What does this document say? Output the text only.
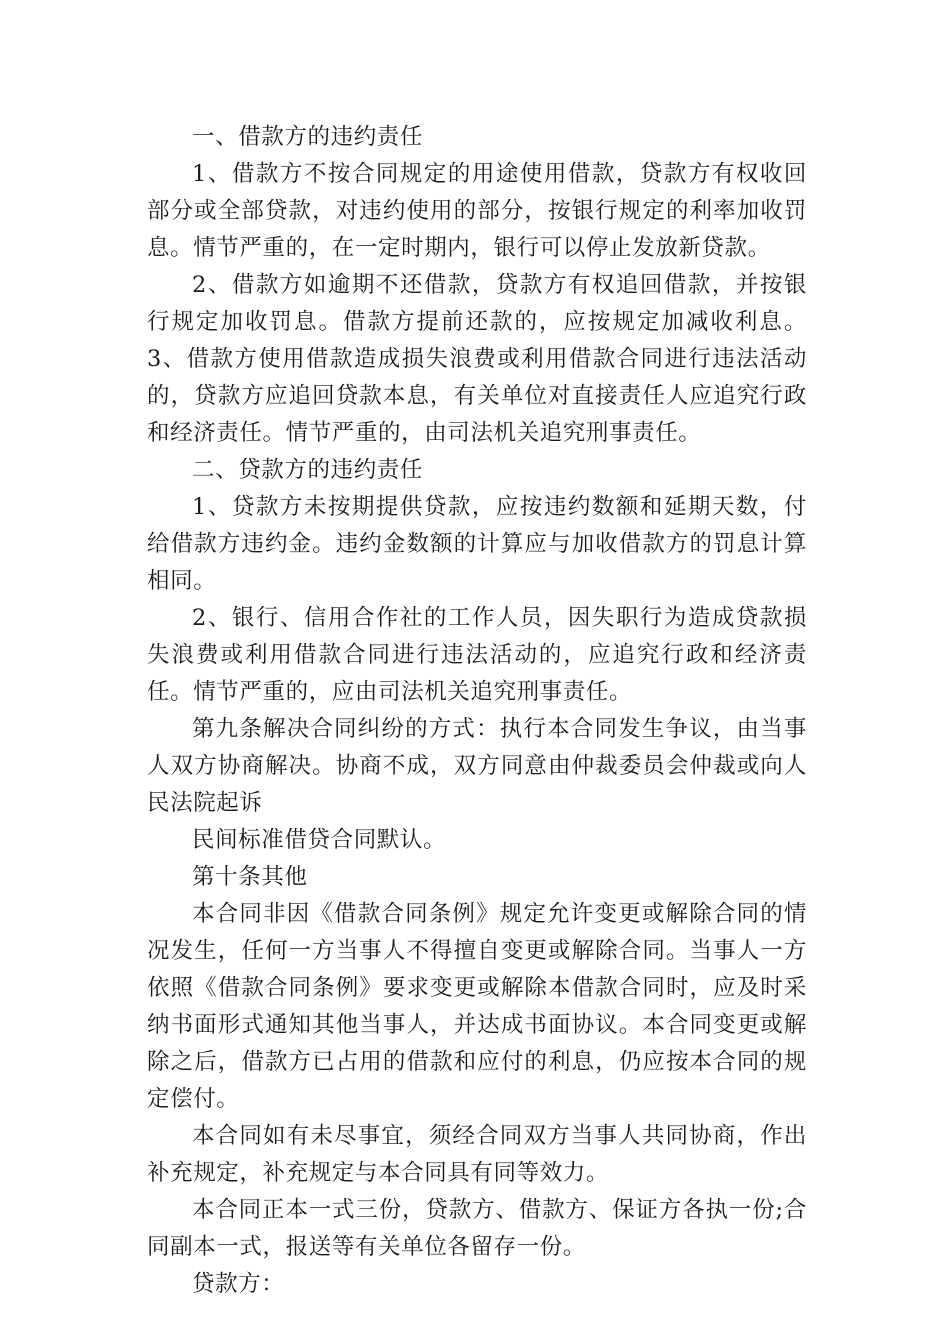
一、借款方的违约责任

1、借款方不按合同规定的用途使用借款，贷款方有权收回部分或全部贷款，对违约使用的部分，按银行规定的利率加收罚息。情节严重的，在一定时期内，银行可以停止发放新贷款。

2、借款方如逾期不还借款，贷款方有权追回借款，并按银行规定加收罚息。借款方提前还款的，应按规定加减收利息。3、借款方使用借款造成损失浪费或利用借款合同进行违法活动的，贷款方应追回贷款本息，有关单位对直接责任人应追究行政和经济责任。情节严重的，由司法机关追究刑事责任。

二、贷款方的违约责任

1、贷款方未按期提供贷款，应按违约数额和延期天数，付给借款方违约金。违约金数额的计算应与加收借款方的罚息计算相同。

2、银行、信用合作社的工作人员，因失职行为造成贷款损失浪费或利用借款合同进行违法活动的，应追究行政和经济责任。情节严重的，应由司法机关追究刑事责任。

第九条解决合同纠纷的方式：执行本合同发生争议，由当事人双方协商解决。协商不成，双方同意由仲裁委员会仲裁或向人民法院起诉

民间标准借贷合同默认。

第十条其他

本合同非因《借款合同条例》规定允许变更或解除合同的情况发生，任何一方当事人不得擅自变更或解除合同。当事人一方依照《借款合同条例》要求变更或解除本借款合同时，应及时采纳书面形式通知其他当事人，并达成书面协议。本合同变更或解除之后，借款方已占用的借款和应付的利息，仍应按本合同的规定偿付。

本合同如有未尽事宜，须经合同双方当事人共同协商，作出补充规定，补充规定与本合同具有同等效力。

本合同正本一式三份，贷款方、借款方、保证方各执一份;合同副本一式，报送等有关单位各留存一份。

贷款方：
